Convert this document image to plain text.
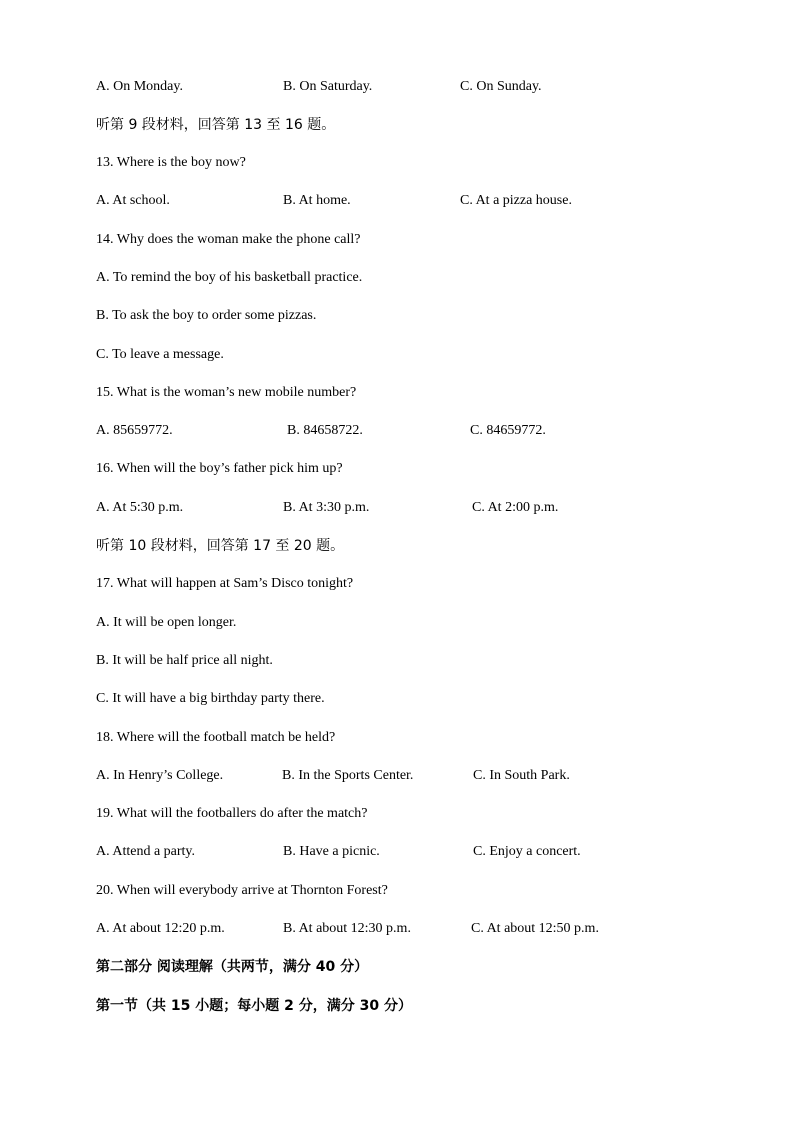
A. On Monday.	B. On Saturday.	C. On Sunday.
听第 9 段材料，回答第 13 至 16 题。
13. Where is the boy now?
A. At school.	B. At home.	C. At a pizza house.
14. Why does the woman make the phone call?
A. To remind the boy of his basketball practice.
B. To ask the boy to order some pizzas.
C. To leave a message.
15. What is the woman’s new mobile number?
A. 85659772.	B. 84658722.	C. 84659772.
16. When will the boy’s father pick him up?
A. At 5:30 p.m.	B. At 3:30 p.m.	C. At 2:00 p.m.
听第 10 段材料，回答第 17 至 20 题。
17. What will happen at Sam’s Disco tonight?
A. It will be open longer.
B. It will be half price all night.
C. It will have a big birthday party there.
18. Where will the football match be held?
A. In Henry’s College.	B. In the Sports Center.	C. In South Park.
19. What will the footballers do after the match?
A. Attend a party.	B. Have a picnic.	C. Enjoy a concert.
20. When will everybody arrive at Thornton Forest?
A. At about 12:20 p.m.	B. At about 12:30 p.m.	C. At about 12:50 p.m.
第二部分 阅读理解（共两节，满分 40 分）
第一节（共 15 小题；每小题 2 分，满分 30 分）
